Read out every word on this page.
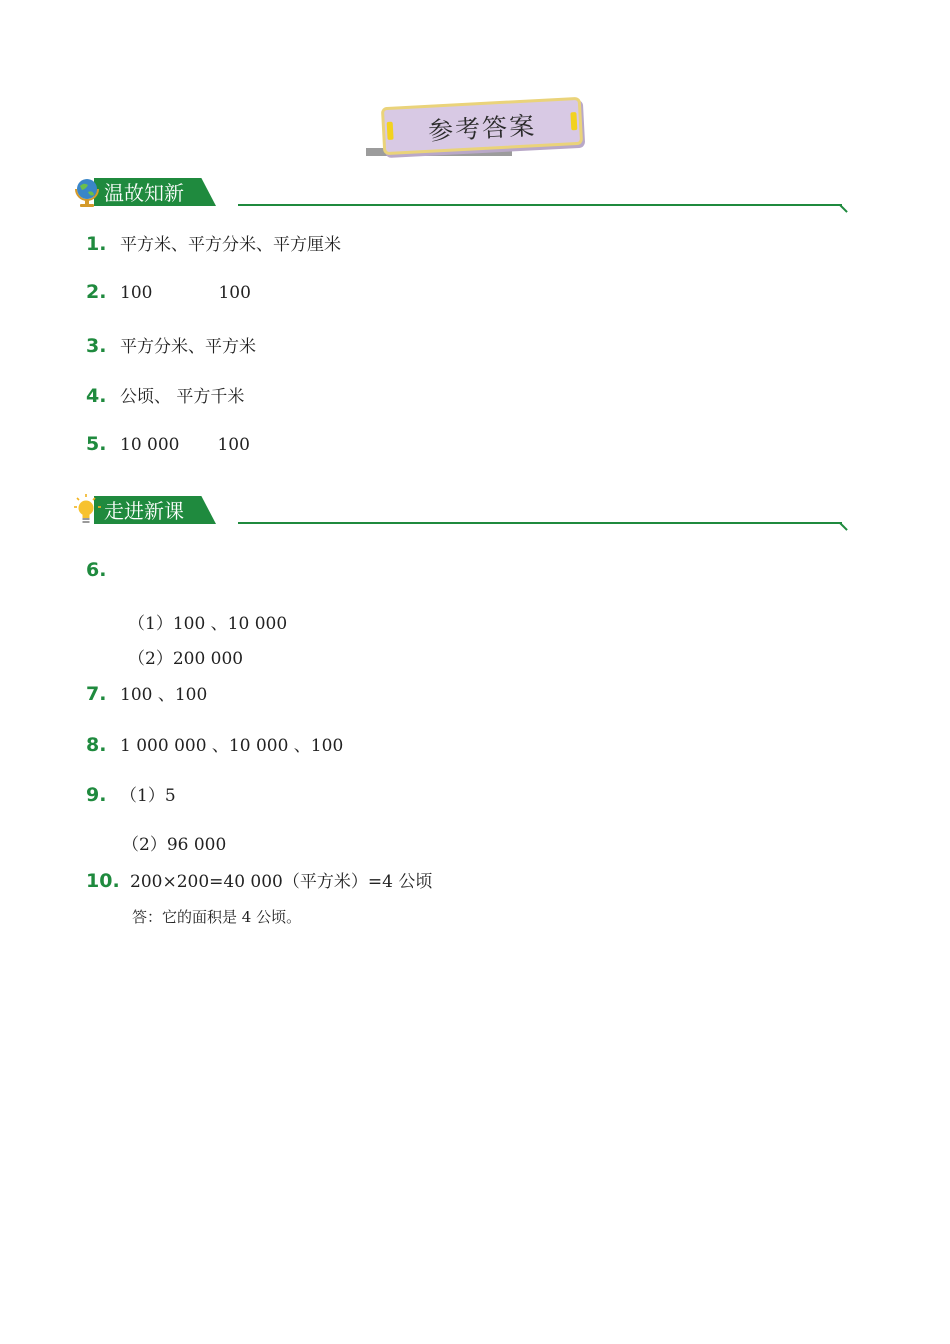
参考答案
温故知新
1. 平方米、平方分米、平方厘米
2. 100	100
3. 平方分米、平方米
4. 公顷、 平方千米
5. 10 000 100
走进新课
6.
（1）100 、10 000
（2）200 000
7. 100 、100
8. 1 000 000 、10 000 、100
9. （1）5
（2）96 000
10. 200×200=40 000（平方米）=4 公顷
答：它的面积是 4 公顷。
